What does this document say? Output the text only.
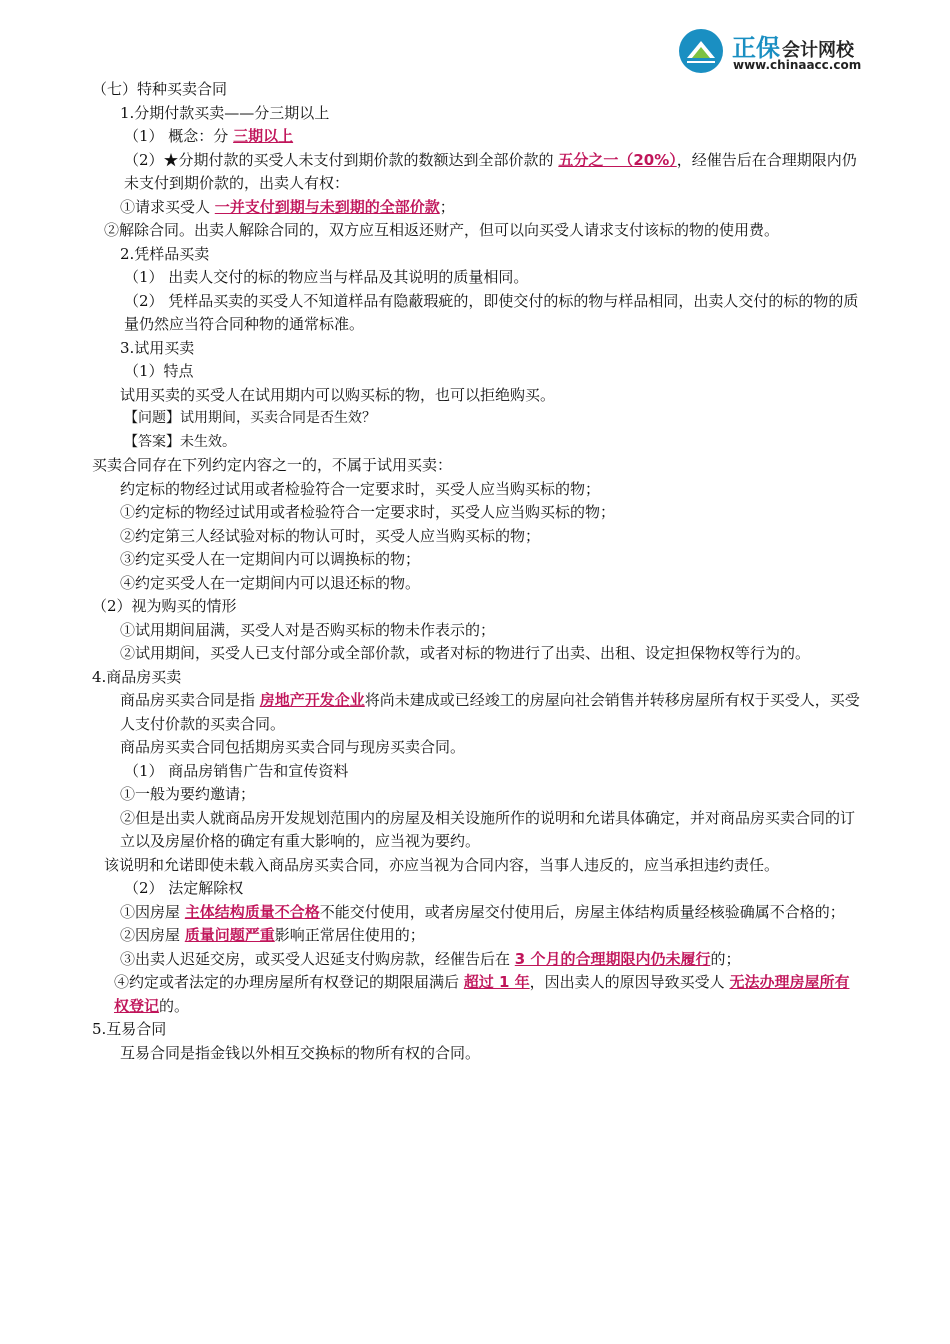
正保 会计网校
www.chinaacc.com

（七）特种买卖合同

1.分期付款买卖——分三期以上

（1） 概念：分 三期以上

（2）★分期付款的买受人未支付到期价款的数额达到全部价款的 五分之一（20%），经催告后在合理期限内仍未支付到期价款的，出卖人有权：

①请求买受人 一并支付到期与未到期的全部价款；

②解除合同。出卖人解除合同的，双方应互相返还财产，但可以向买受人请求支付该标的物的使用费。

2.凭样品买卖

（1） 出卖人交付的标的物应当与样品及其说明的质量相同。

（2） 凭样品买卖的买受人不知道样品有隐蔽瑕疵的，即使交付的标的物与样品相同，出卖人交付的标的物的质量仍然应当符合同种物的通常标准。

3.试用买卖

（1）特点

试用买卖的买受人在试用期内可以购买标的物，也可以拒绝购买。

【问题】试用期间，买卖合同是否生效？

【答案】未生效。

买卖合同存在下列约定内容之一的，不属于试用买卖：

约定标的物经过试用或者检验符合一定要求时，买受人应当购买标的物；

①约定标的物经过试用或者检验符合一定要求时，买受人应当购买标的物；

②约定第三人经试验对标的物认可时，买受人应当购买标的物；

③约定买受人在一定期间内可以调换标的物；

④约定买受人在一定期间内可以退还标的物。

（2）视为购买的情形

①试用期间届满，买受人对是否购买标的物未作表示的；

②试用期间，买受人已支付部分或全部价款，或者对标的物进行了出卖、出租、设定担保物权等行为的。

4.商品房买卖

商品房买卖合同是指 房地产开发企业将尚未建成或已经竣工的房屋向社会销售并转移房屋所有权于买受人，买受人支付价款的买卖合同。

商品房买卖合同包括期房买卖合同与现房买卖合同。

（1） 商品房销售广告和宣传资料

①一般为要约邀请；

②但是出卖人就商品房开发规划范围内的房屋及相关设施所作的说明和允诺具体确定，并对商品房买卖合同的订立以及房屋价格的确定有重大影响的，应当视为要约。

该说明和允诺即使未载入商品房买卖合同，亦应当视为合同内容，当事人违反的，应当承担违约责任。

（2） 法定解除权

①因房屋 主体结构质量不合格不能交付使用，或者房屋交付使用后，房屋主体结构质量经核验确属不合格的；

②因房屋 质量问题严重影响正常居住使用的；

③出卖人迟延交房，或买受人迟延支付购房款，经催告后在 3 个月的合理期限内仍未履行的；

④约定或者法定的办理房屋所有权登记的期限届满后 超过 1 年，因出卖人的原因导致买受人 无法办理房屋所有权登记的。

5.互易合同

互易合同是指金钱以外相互交换标的物所有权的合同。
